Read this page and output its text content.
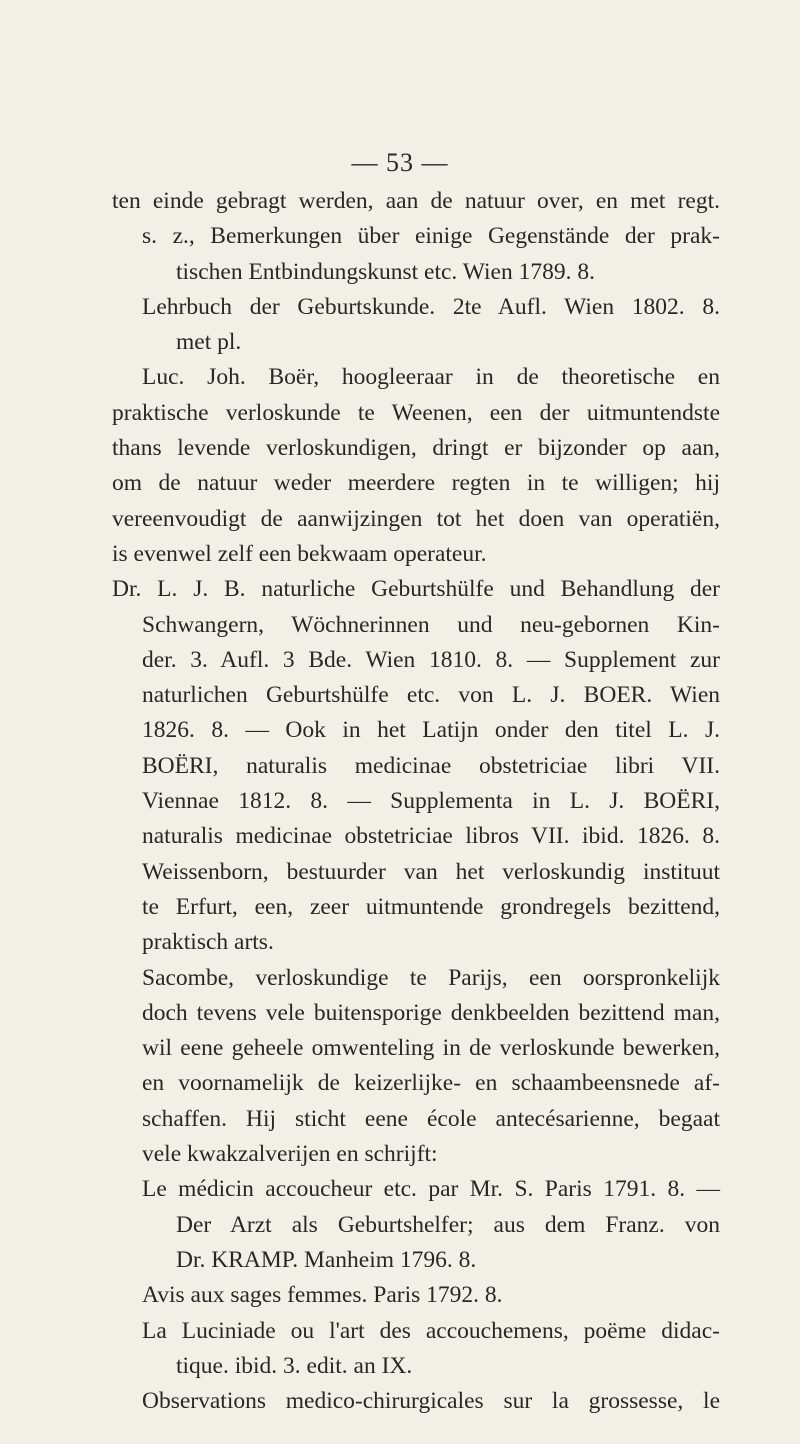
— 53 —
ten einde gebragt werden, aan de natuur over, en met regt.
s. z., Bemerkungen über einige Gegenstände der prak-
tischen Entbindungskunst etc. Wien 1789. 8.
Lehrbuch der Geburtskunde. 2te Aufl. Wien 1802. 8.
met pl.
Luc. Joh. Boër, hoogleeraar in de theoretische en
praktische verloskunde te Weenen, een der uitmuntendste
thans levende verloskundigen, dringt er bijzonder op aan,
om de natuur weder meerdere regten in te willigen; hij
vereenvoudigt de aanwijzingen tot het doen van operatiën,
is evenwel zelf een bekwaam operateur.
Dr. L. J. B. naturliche Geburtshülfe und Behandlung der
Schwangern, Wöchnerinnen und neu-gebornen Kin-
der. 3. Aufl. 3 Bde. Wien 1810. 8. — Supplement zur
naturlichen Geburtshülfe etc. von L. J. BOER. Wien
1826. 8. — Ook in het Latijn onder den titel L. J.
BOËRI, naturalis medicinae obstetriciae libri VII.
Viennae 1812. 8. — Supplementa in L. J. BOËRI,
naturalis medicinae obstetriciae libros VII. ibid. 1826. 8.
Weissenborn, bestuurder van het verloskundig instituut
te Erfurt, een, zeer uitmuntende grondregels bezittend,
praktisch arts.
Sacombe, verloskundige te Parijs, een oorspronkelijk
doch tevens vele buitensporige denkbeelden bezittend man,
wil eene geheele omwenteling in de verloskunde bewerken,
en voornamelijk de keizerlijke- en schaambeensnede af-
schaffen. Hij sticht eene école antecésarienne, begaat
vele kwakzalverijen en schrijft:
Le médicin accoucheur etc. par Mr. S. Paris 1791. 8. —
Der Arzt als Geburtshelfer; aus dem Franz. von
Dr. KRAMP. Manheim 1796. 8.
Avis aux sages femmes. Paris 1792. 8.
La Luciniade ou l'art des accouchemens, poëme didac-
tique. ibid. 3. edit. an IX.
Observations medico-chirurgicales sur la grossesse, le
